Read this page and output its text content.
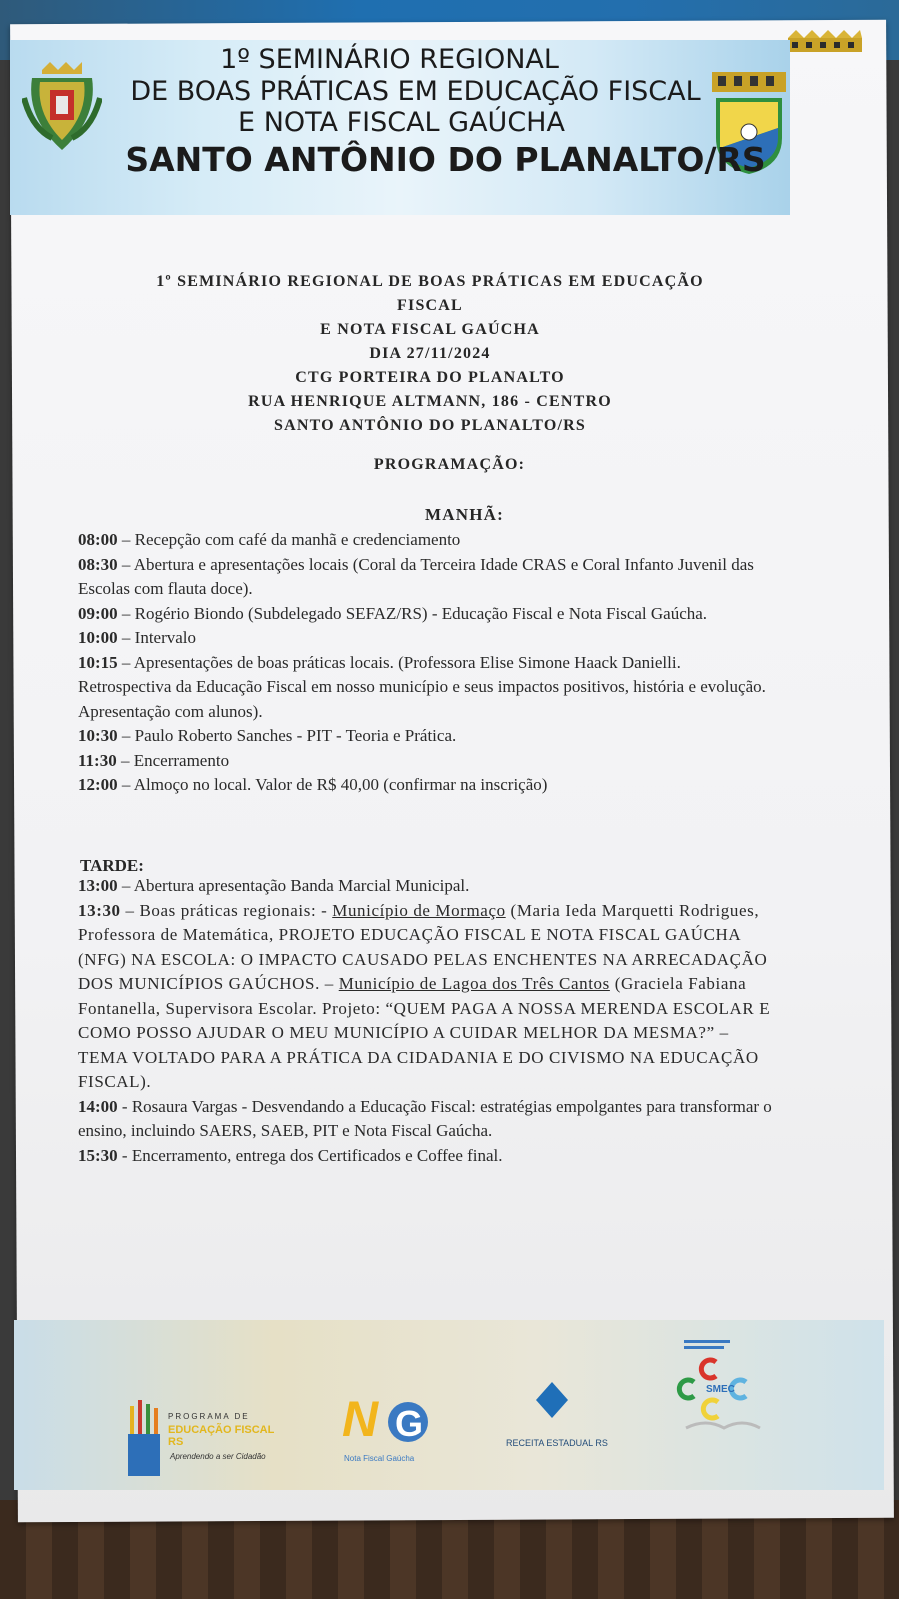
1º SEMINÁRIO REGIONAL
DE BOAS PRÁTICAS EM EDUCAÇÃO FISCAL
E NOTA FISCAL GAÚCHA
SANTO ANTÔNIO DO PLANALTO/RS
1º SEMINÁRIO REGIONAL DE BOAS PRÁTICAS EM EDUCAÇÃO
FISCAL
E NOTA FISCAL GAÚCHA
DIA 27/11/2024
CTG PORTEIRA DO PLANALTO
RUA HENRIQUE ALTMANN, 186 - CENTRO
SANTO ANTÔNIO DO PLANALTO/RS
PROGRAMAÇÃO:
MANHÃ:

08:00 – Recepção com café da manhã e credenciamento

08:30 – Abertura e apresentações locais (Coral da Terceira Idade CRAS e Coral Infanto Juvenil das Escolas com flauta doce).

09:00 – Rogério Biondo (Subdelegado SEFAZ/RS) - Educação Fiscal e Nota Fiscal Gaúcha.

10:00 – Intervalo

10:15 – Apresentações de boas práticas locais. (Professora Elise Simone Haack Danielli. Retrospectiva da Educação Fiscal em nosso município e seus impactos positivos, história e evolução. Apresentação com alunos).

10:30 – Paulo Roberto Sanches - PIT - Teoria e Prática.

11:30 – Encerramento

12:00 – Almoço no local. Valor de R$ 40,00 (confirmar na inscrição)

TARDE:

13:00 – Abertura apresentação Banda Marcial Municipal.

13:30 – Boas práticas regionais: - Município de Mormaço (Maria Ieda Marquetti Rodrigues, Professora de Matemática, PROJETO EDUCAÇÃO FISCAL E NOTA FISCAL GAÚCHA (NFG) NA ESCOLA: O IMPACTO CAUSADO PELAS ENCHENTES NA ARRECADAÇÃO DOS MUNICÍPIOS GAÚCHOS. – Município de Lagoa dos Três Cantos (Graciela Fabiana Fontanella, Supervisora Escolar. Projeto: “QUEM PAGA A NOSSA MERENDA ESCOLAR E COMO POSSO AJUDAR O MEU MUNICÍPIO A CUIDAR MELHOR DA MESMA?” – TEMA VOLTADO PARA A PRÁTICA DA CIDADANIA E DO CIVISMO NA EDUCAÇÃO FISCAL).

14:00 - Rosaura Vargas - Desvendando a Educação Fiscal: estratégias empolgantes para transformar o ensino, incluindo SAERS, SAEB, PIT e Nota Fiscal Gaúcha.

15:30 - Encerramento, entrega dos Certificados e Coffee final.

PROGRAMA DE
EDUCAÇÃO FISCAL RS
Aprendendo a ser Cidadão
N G
Nota Fiscal Gaúcha
RECEITA ESTADUAL RS
SMEC
